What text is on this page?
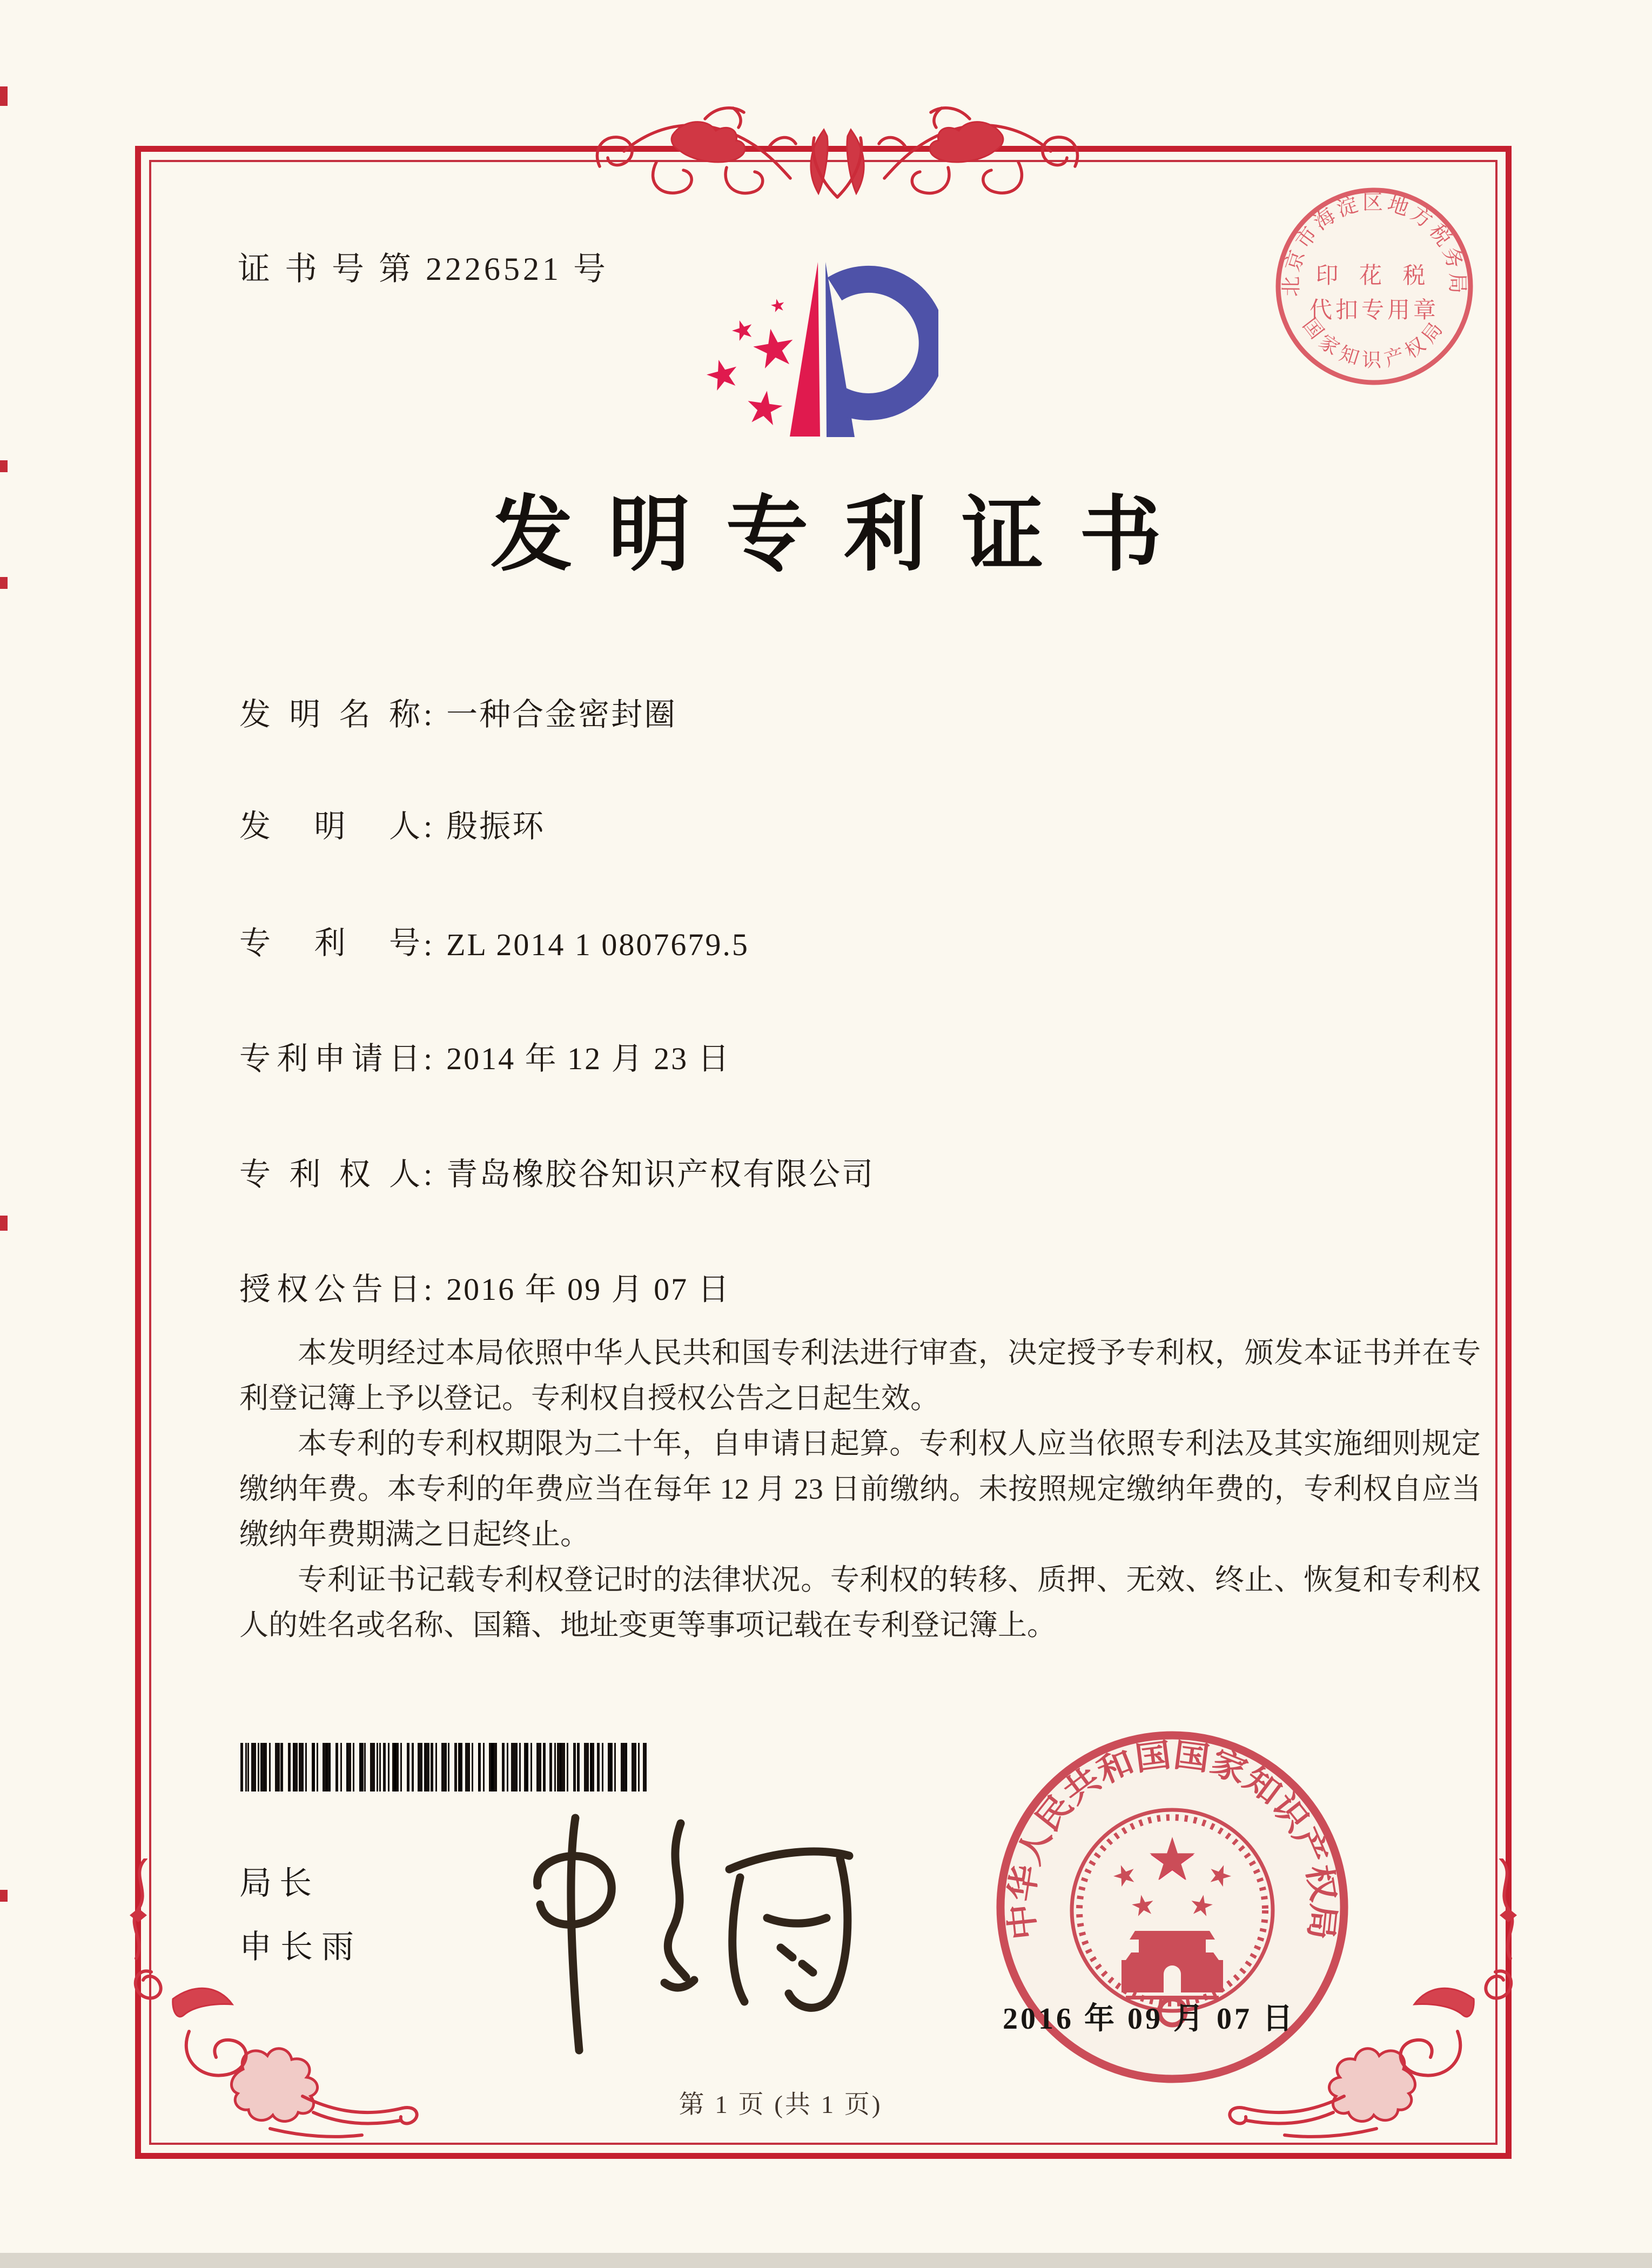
证 书 号 第 2226521 号	北京市海淀区地方税务局
国家知识产权局
印 花 税
代扣专用章
发明专利证书
发明名称 : 一种合金密封圈
发明人 : 殷振环
专利号 : ZL 2014 1 0807679.5
专利申请日 : 2014 年 12 月 23 日
专利权人 : 青岛橡胶谷知识产权有限公司
授权公告日 : 2016 年 09 月 07 日

本发明经过本局依照中华人民共和国专利法进行审查，决定授予专利权，颁发本证书并在专利登记簿上予以登记。专利权自授权公告之日起生效。

本专利的专利权期限为二十年，自申请日起算。专利权人应当依照专利法及其实施细则规定缴纳年费。本专利的年费应当在每年 12 月 23 日前缴纳。未按照规定缴纳年费的，专利权自应当缴纳年费期满之日起终止。

专利证书记载专利权登记时的法律状况。专利权的转移、质押、无效、终止、恢复和专利权人的姓名或名称、国籍、地址变更等事项记载在专利登记簿上。

局长
申长雨
中华人民共和国国家知识产权局
2016 年 09 月 07 日
第 1 页 (共 1 页)
